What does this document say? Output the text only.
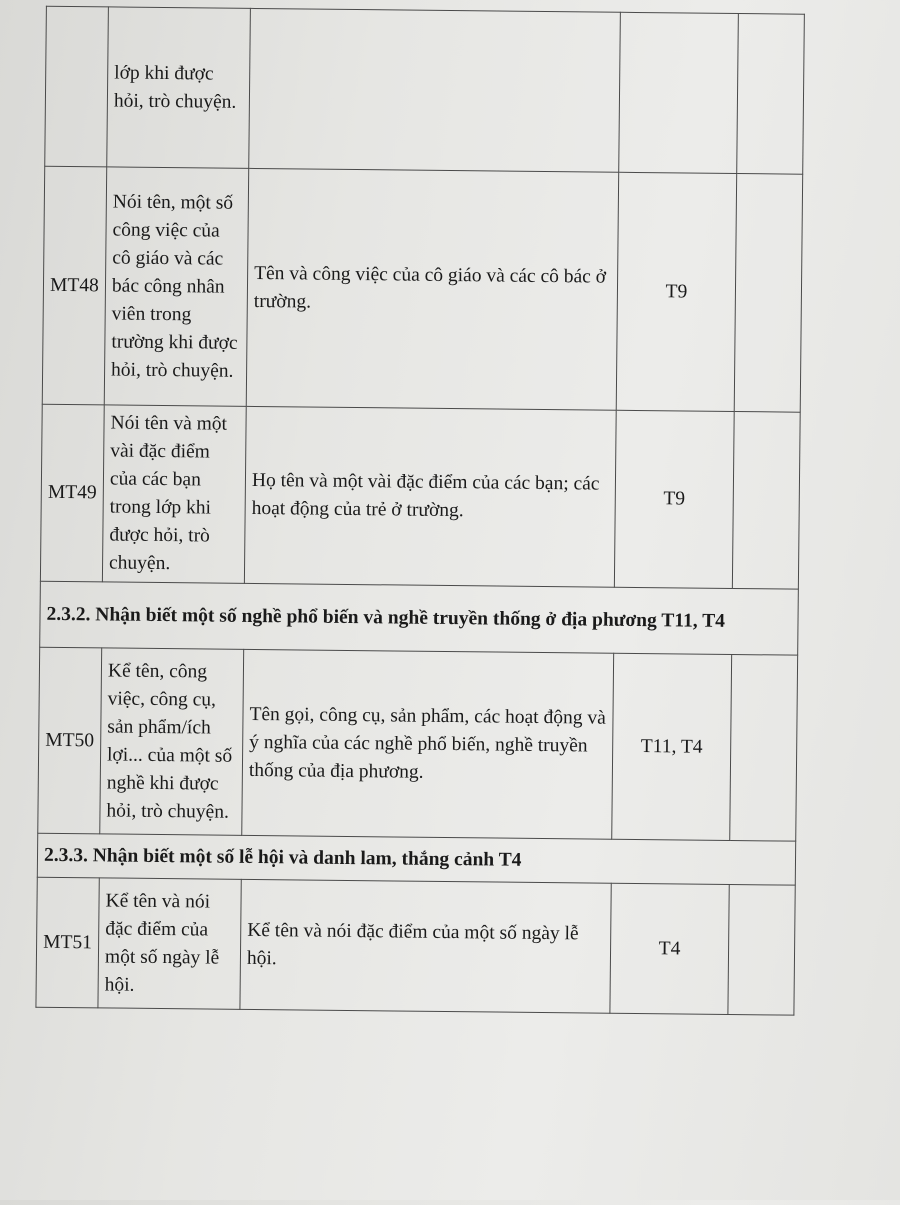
	lớp khi được hỏi, trò chuyện.			
MT48	Nói tên, một số công việc của cô giáo và các bác công nhân viên trong trường khi được hỏi, trò chuyện.	Tên và công việc của cô giáo và các cô bác ở trường.	T9	
MT49	Nói tên và một vài đặc điểm của các bạn trong lớp khi được hỏi, trò chuyện.	Họ tên và một vài đặc điểm của các bạn; các hoạt động của trẻ ở trường.	T9	
2.3.2. Nhận biết một số nghề phổ biến và nghề truyền thống ở địa phương T11, T4				
MT50	Kể tên, công việc, công cụ, sản phẩm/ích lợi... của một số nghề khi được hỏi, trò chuyện.	Tên gọi, công cụ, sản phẩm, các hoạt động và ý nghĩa của các nghề phổ biến, nghề truyền thống của địa phương.	T11, T4	
2.3.3. Nhận biết một số lễ hội và danh lam, thắng cảnh T4				
MT51	Kể tên và nói đặc điểm của một số ngày lễ hội.	Kể tên và nói đặc điểm của một số ngày lễ hội.	T4	
